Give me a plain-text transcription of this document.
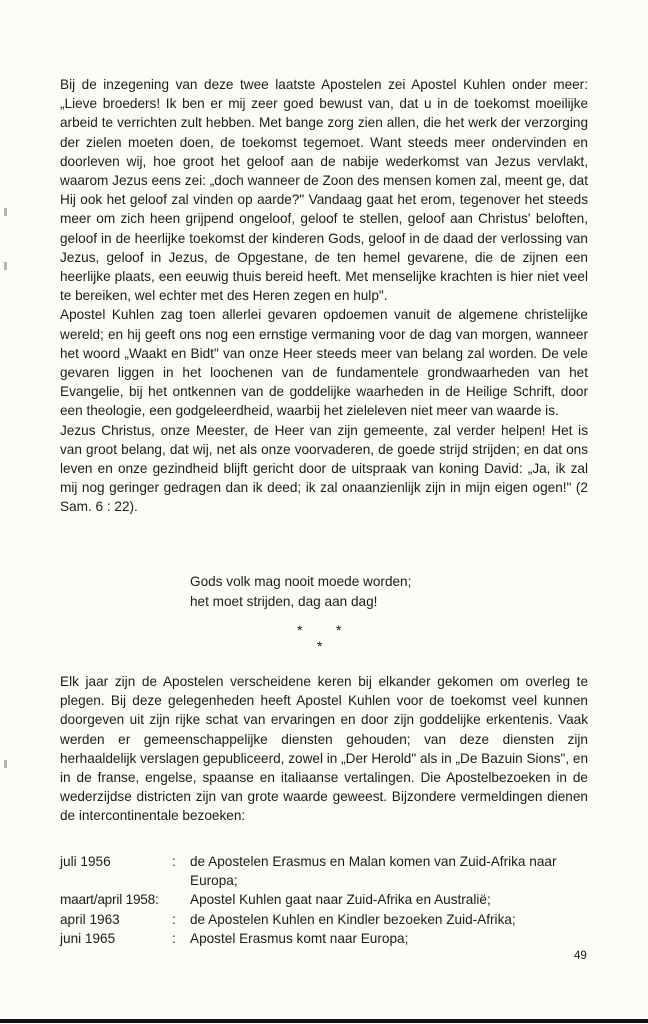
Bij de inzegening van deze twee laatste Apostelen zei Apostel Kuhlen onder meer: „Lieve broeders! Ik ben er mij zeer goed bewust van, dat u in de toekomst moeilijke arbeid te verrichten zult hebben. Met bange zorg zien allen, die het werk der verzorging der zielen moeten doen, de toekomst tegemoet. Want steeds meer ondervinden en doorleven wij, hoe groot het geloof aan de nabije wederkomst van Jezus vervlakt, waarom Jezus eens zei: „doch wanneer de Zoon des mensen komen zal, meent ge, dat Hij ook het geloof zal vinden op aarde?" Vandaag gaat het erom, tegenover het steeds meer om zich heen grijpend ongeloof, geloof te stellen, geloof aan Christus' beloften, geloof in de heerlijke toekomst der kinderen Gods, geloof in de daad der verlossing van Jezus, geloof in Jezus, de Opgestane, de ten hemel gevarene, die de zijnen een heerlijke plaats, een eeuwig thuis bereid heeft. Met menselijke krachten is hier niet veel te bereiken, wel echter met des Heren zegen en hulp".

Apostel Kuhlen zag toen allerlei gevaren opdoemen vanuit de algemene christelijke wereld; en hij geeft ons nog een ernstige vermaning voor de dag van morgen, wanneer het woord „Waakt en Bidt" van onze Heer steeds meer van belang zal worden. De vele gevaren liggen in het loochenen van de fundamentele grondwaarheden van het Evangelie, bij het ontkennen van de goddelijke waarheden in de Heilige Schrift, door een theologie, een godgeleerdheid, waarbij het zieleleven niet meer van waarde is.

Jezus Christus, onze Meester, de Heer van zijn gemeente, zal verder helpen! Het is van groot belang, dat wij, net als onze voorvaderen, de goede strijd strijden; en dat ons leven en onze gezindheid blijft gericht door de uitspraak van koning David: „Ja, ik zal mij nog geringer gedragen dan ik deed; ik zal onaanzienlijk zijn in mijn eigen ogen!" (2 Sam. 6 : 22).

Gods volk mag nooit moede worden;
het moet strijden, dag aan dag!
* *
*

Elk jaar zijn de Apostelen verscheidene keren bij elkander gekomen om overleg te plegen. Bij deze gelegenheden heeft Apostel Kuhlen voor de toekomst veel kunnen doorgeven uit zijn rijke schat van ervaringen en door zijn goddelijke erkentenis. Vaak werden er gemeenschappelijke diensten gehouden; van deze diensten zijn herhaaldelijk verslagen gepubliceerd, zowel in „Der Herold" als in „De Bazuin Sions", en in de franse, engelse, spaanse en italiaanse vertalingen. Die Apostelbezoeken in de wederzijdse districten zijn van grote waarde geweest. Bijzondere vermeldingen dienen de intercontinentale bezoeken:

juli 1956	: de Apostelen Erasmus en Malan komen van Zuid-Afrika naar Europa;
maart/april 1958: Apostel Kuhlen gaat naar Zuid-Afrika en Australië;
april 1963	: de Apostelen Kuhlen en Kindler bezoeken Zuid-Afrika;
juni 1965	: Apostel Erasmus komt naar Europa;
49
